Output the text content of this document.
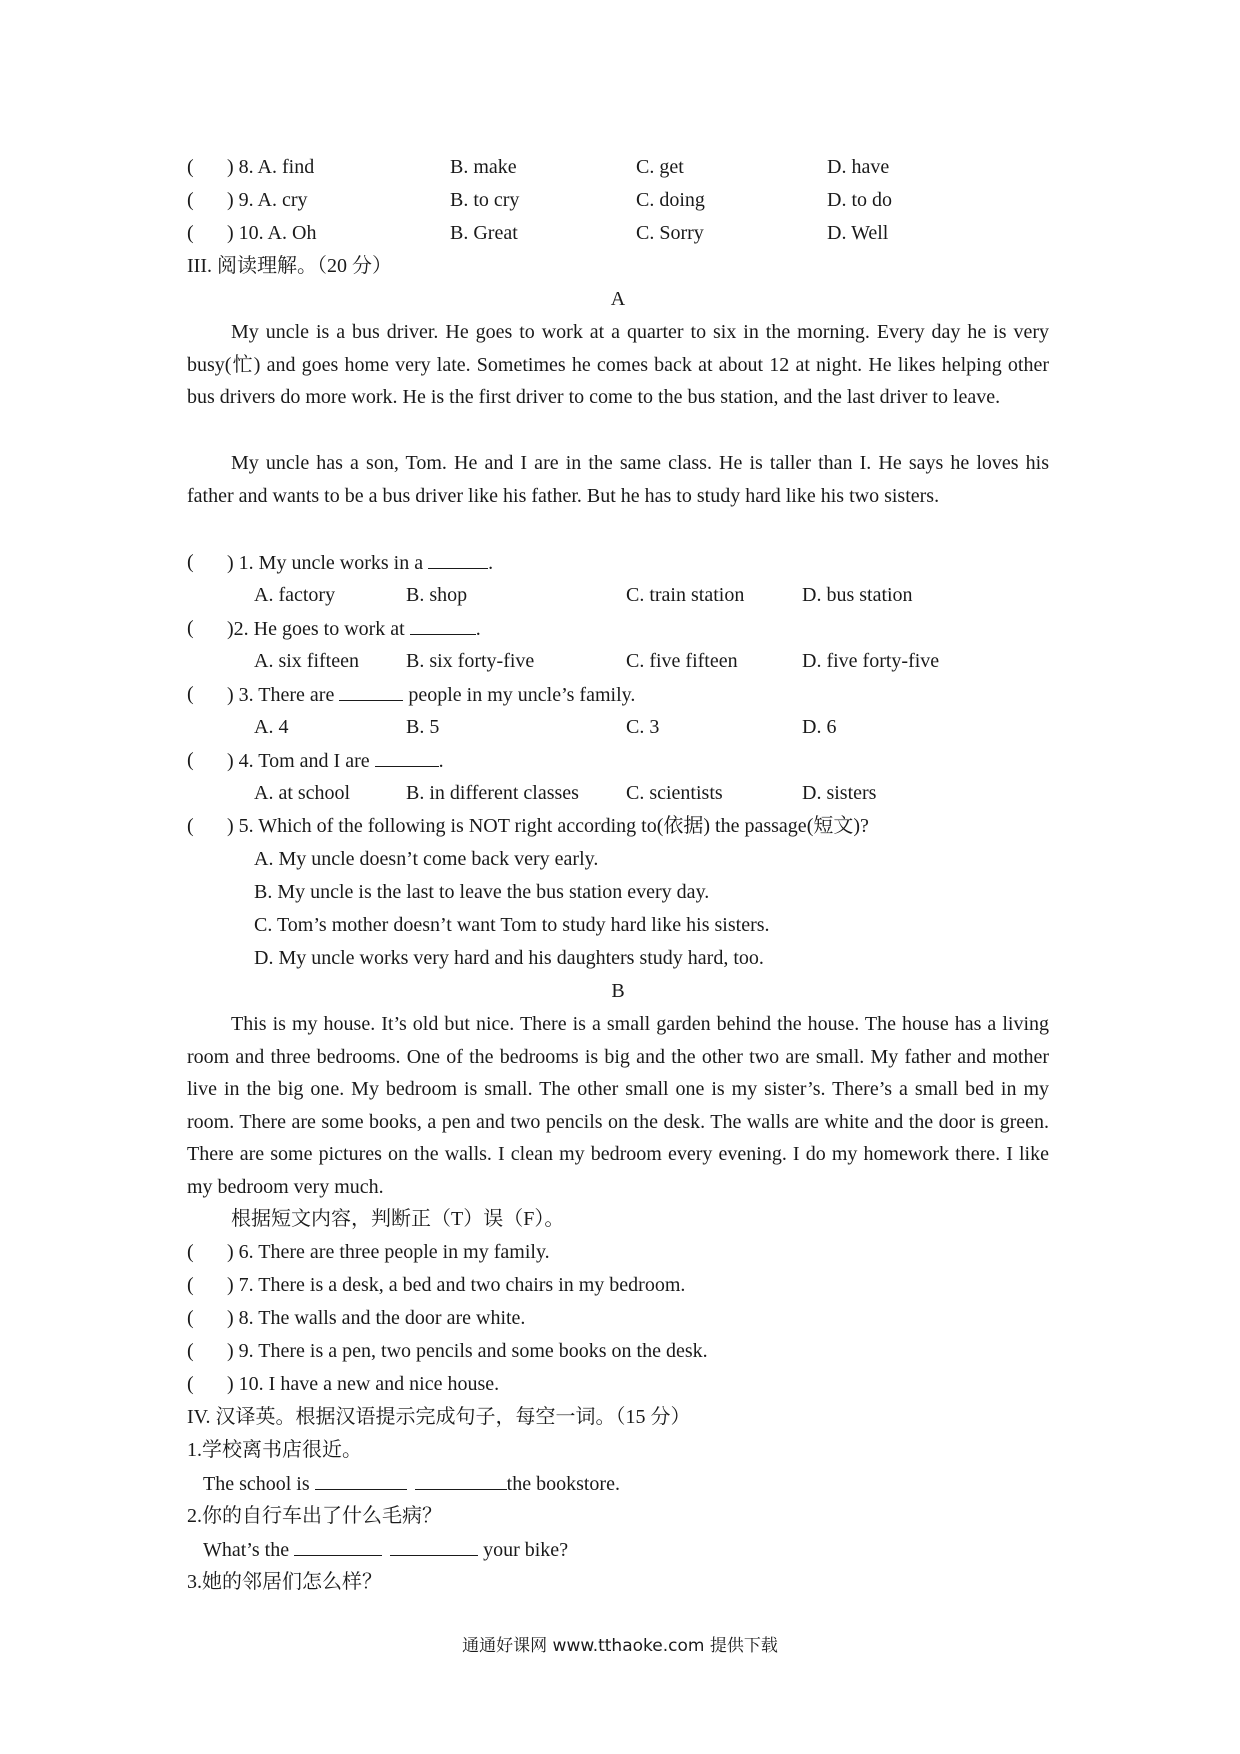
( ) 8. A. find	B. make	C. get	D. have
( ) 9. A. cry	B. to cry	C. doing	D. to do
( ) 10. A. Oh	B. Great	C. Sorry	D. Well
III. 阅读理解。（20 分）
A

My uncle is a bus driver. He goes to work at a quarter to six in the morning. Every day he is very busy(忙) and goes home very late. Sometimes he comes back at about 12 at night. He likes helping other bus drivers do more work. He is the first driver to come to the bus station, and the last driver to leave.

My uncle has a son, Tom. He and I are in the same class. He is taller than I. He says he loves his father and wants to be a bus driver like his father. But he has to study hard like his two sisters.

( ) 1. My uncle works in a	.
A. factory	B. shop	C. train station	D. bus station
( )2. He goes to work at	.
A. six fifteen B. six forty-five	C. five fifteen	D. five forty-five
( ) 3. There are	people in my uncle’s family.
A. 4	B. 5	C. 3	D. 6
( ) 4. Tom and I are	.
A. at school	B. in different classes C. scientists	D. sisters
( ) 5. Which of the following is NOT right according to(依据) the passage(短文)?
A. My uncle doesn’t come back very early.
B. My uncle is the last to leave the bus station every day.
C. Tom’s mother doesn’t want Tom to study hard like his sisters.
D. My uncle works very hard and his daughters study hard, too.
B

This is my house. It’s old but nice. There is a small garden behind the house. The house has a living room and three bedrooms. One of the bedrooms is big and the other two are small. My father and mother live in the big one. My bedroom is small. The other small one is my sister’s. There’s a small bed in my room. There are some books, a pen and two pencils on the desk. The walls are white and the door is green. There are some pictures on the walls. I clean my bedroom every evening. I do my homework there. I like my bedroom very much.

根据短文内容，判断正（T）误（F）。
( ) 6. There are three people in my family.
( ) 7. There is a desk, a bed and two chairs in my bedroom.
( ) 8. The walls and the door are white.
( ) 9. There is a pen, two pencils and some books on the desk.
( ) 10. I have a new and nice house.
IV. 汉译英。根据汉语提示完成句子，每空一词。（15 分）
1.学校离书店很近。
The school is	the bookstore.
2.你的自行车出了什么毛病？
What’s the	your bike?
3.她的邻居们怎么样？
通通好课网 www.tthaoke.com 提供下载
